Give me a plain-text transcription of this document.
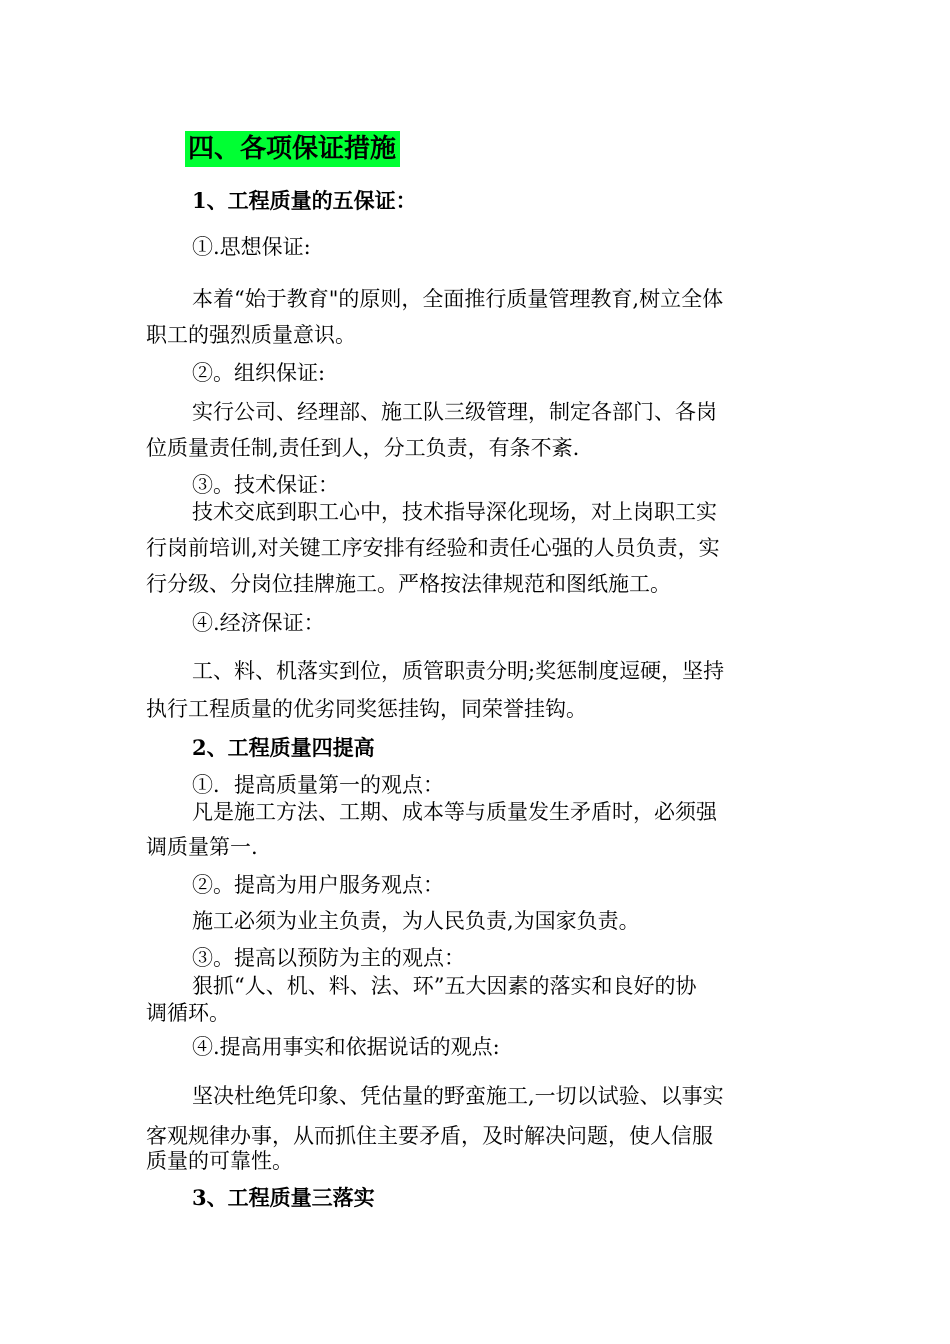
四、各项保证措施
1、工程质量的五保证：
①.思想保证:
本着“始于教育"的原则，全面推行质量管理教育,树立全体
职工的强烈质量意识。
②。组织保证:
实行公司、经理部、施工队三级管理，制定各部门、各岗
位质量责任制,责任到人，分工负责，有条不紊.
③。技术保证：
技术交底到职工心中，技术指导深化现场，对上岗职工实
行岗前培训,对关键工序安排有经验和责任心强的人员负责，实
行分级、分岗位挂牌施工。严格按法律规范和图纸施工。
④.经济保证：
工、料、机落实到位，质管职责分明;奖惩制度逗硬，坚持
执行工程质量的优劣同奖惩挂钩，同荣誉挂钩。
2、工程质量四提高
①．提高质量第一的观点：
凡是施工方法、工期、成本等与质量发生矛盾时，必须强
调质量第一.
②。提高为用户服务观点：
施工必须为业主负责，为人民负责,为国家负责。
③。提高以预防为主的观点：
狠抓“人、机、料、法、环”五大因素的落实和良好的协
调循环。
④.提高用事实和依据说话的观点:
坚决杜绝凭印象、凭估量的野蛮施工,一切以试验、以事实
客观规律办事，从而抓住主要矛盾，及时解决问题，使人信服
质量的可靠性。
3、工程质量三落实
